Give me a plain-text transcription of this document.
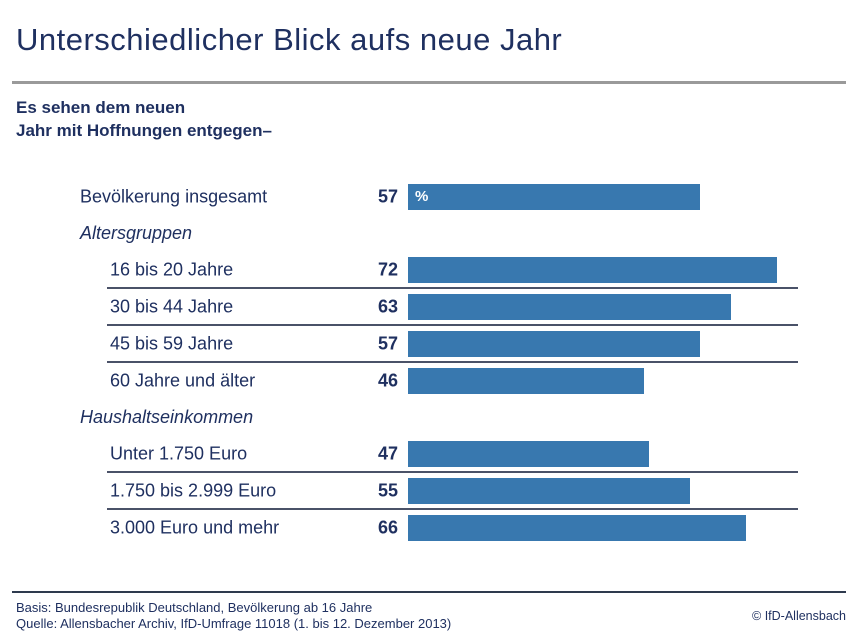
Unterschiedlicher Blick aufs neue Jahr
Es sehen dem neuen
Jahr mit Hoffnungen entgegen–
Bevölkerung insgesamt	57	%
Altersgruppen
16 bis 20 Jahre	72
30 bis 44 Jahre	63
45 bis 59 Jahre	57
60 Jahre und älter	46
Haushaltseinkommen
Unter 1.750 Euro	47
1.750 bis 2.999 Euro	55
3.000 Euro und mehr	66
Basis: Bundesrepublik Deutschland, Bevölkerung ab 16 Jahre
Quelle: Allensbacher Archiv, IfD-Umfrage 11018 (1. bis 12. Dezember 2013)	© IfD-Allensbach
